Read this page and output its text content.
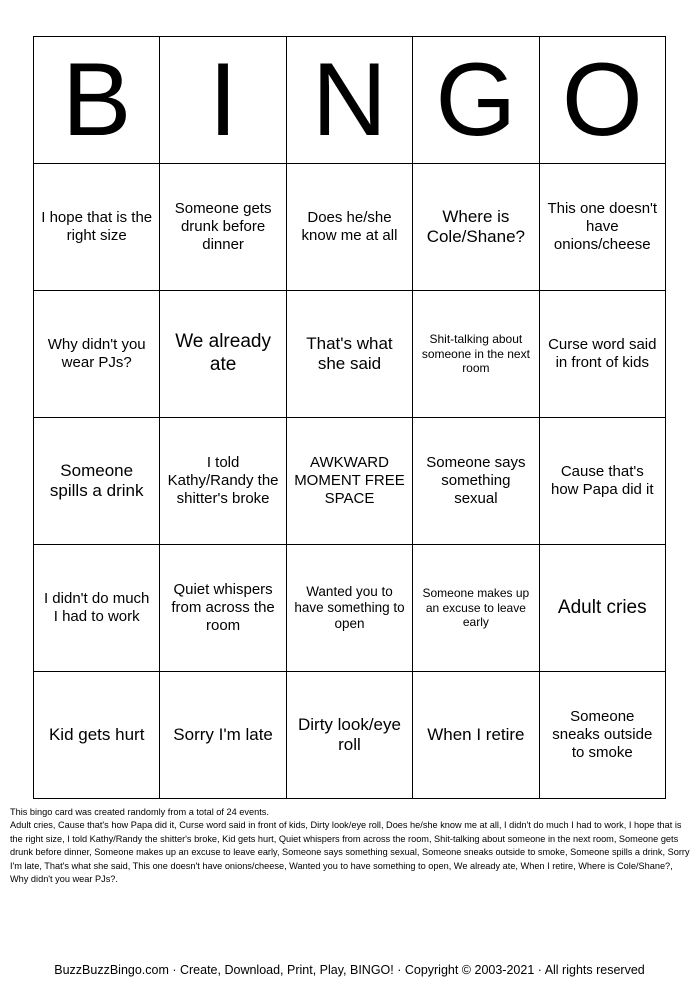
B	I	N	G	O
I hope that is the right size	Someone gets drunk before dinner	Does he/she know me at all	Where is Cole/Shane?	This one doesn't have onions/cheese
Why didn't you wear PJs?	We already ate	That's what she said	Shit-talking about someone in the next room	Curse word said in front of kids
Someone spills a drink	I told Kathy/Randy the shitter's broke	AWKWARD MOMENT FREE SPACE	Someone says something sexual	Cause that's how Papa did it
I didn't do much I had to work	Quiet whispers from across the room	Wanted you to have something to open	Someone makes up an excuse to leave early	Adult cries
Kid gets hurt	Sorry I'm late	Dirty look/eye roll	When I retire	Someone sneaks outside to smoke

This bingo card was created randomly from a total of 24 events.

Adult cries, Cause that's how Papa did it, Curse word said in front of kids, Dirty look/eye roll, Does he/she know me at all, I didn't do much I had to work, I hope that is the right size, I told Kathy/Randy the shitter's broke, Kid gets hurt, Quiet whispers from across the room, Shit-talking about someone in the next room, Someone gets drunk before dinner, Someone makes up an excuse to leave early, Someone says something sexual, Someone sneaks outside to smoke, Someone spills a drink, Sorry I'm late, That's what she said, This one doesn't have onions/cheese, Wanted you to have something to open, We already ate, When I retire, Where is Cole/Shane?, Why didn't you wear PJs?.

BuzzBuzzBingo.com · Create, Download, Print, Play, BINGO! · Copyright © 2003-2021 · All rights reserved
